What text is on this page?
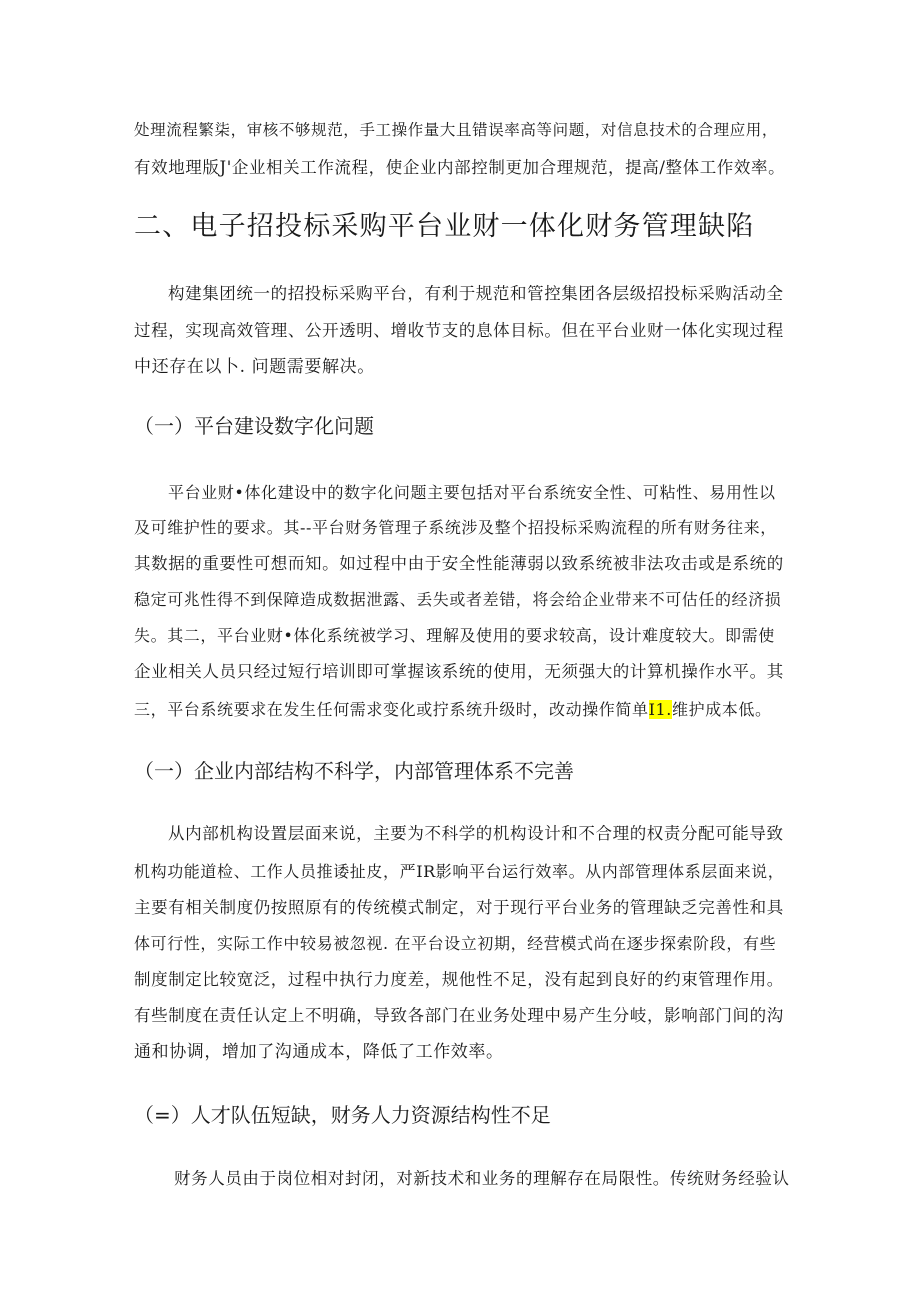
处理流程繁柒，审核不够规范，手工操作量大且错误率高等问题，对信息技术的合理应用，

有效地理版J'企业相关工作流程，使企业内部控制更加合理规范，提高/整体工作效率。

二、电子招投标采购平台业财一体化财务管理缺陷

构建集团统一的招投标采购平台，有利于规范和管控集团各层级招投标采购活动全

过程，实现高效管理、公开透明、增收节支的息体目标。但在平台业财一体化实现过程

中还存在以卜. 问题需要解决。

（一）平台建设数字化问题

平台业财•体化建设中的数字化问题主要包括对平台系统安全性、可粘性、易用性以

及可维护性的要求。其--平台财务管理子系统涉及整个招投标采购流程的所有财务往来，

其数据的重要性可想而知。如过程中由于安全性能薄弱以致系统被非法攻击或是系统的

稳定可兆性得不到保障造成数据泄露、丢失或者差错，将会给企业带来不可估任的经济损

失。其二，平台业财•体化系统被学习、理解及使用的要求较高，设计难度较大。即需使

企业相关人员只经过短行培训即可掌握该系统的使用，无须强大的计算机操作水平。其

三，平台系统要求在发生任何需求变化或拧系统升级时，改动操作简单I1.维护成本低。

（一）企业内部结构不科学，内部管理体系不完善

从内部机构设置层面来说，主要为不科学的机构设计和不合理的权责分配可能导致

机构功能道检、工作人员推诿扯皮，严IR影响平台运行效率。从内部管理体系层面来说，

主要有相关制度仍按照原有的传统模式制定，对于现行平台业务的管理缺乏完善性和具

体可行性，实际工作中较易被忽视. 在平台设立初期，经营模式尚在逐步探索阶段，有些

制度制定比较宽泛，过程中执行力度差，规他性不足，没有起到良好的约束管理作用。

有些制度在责任认定上不明确，导致各部门在业务处理中易产生分岐，影响部门间的沟

通和协调，增加了沟通成本，降低了工作效率。

（=）人才队伍短缺，财务人力资源结构性不足

财务人员由于岗位相对封闭，对新技术和业务的理解存在局限性。传统财务经验认
